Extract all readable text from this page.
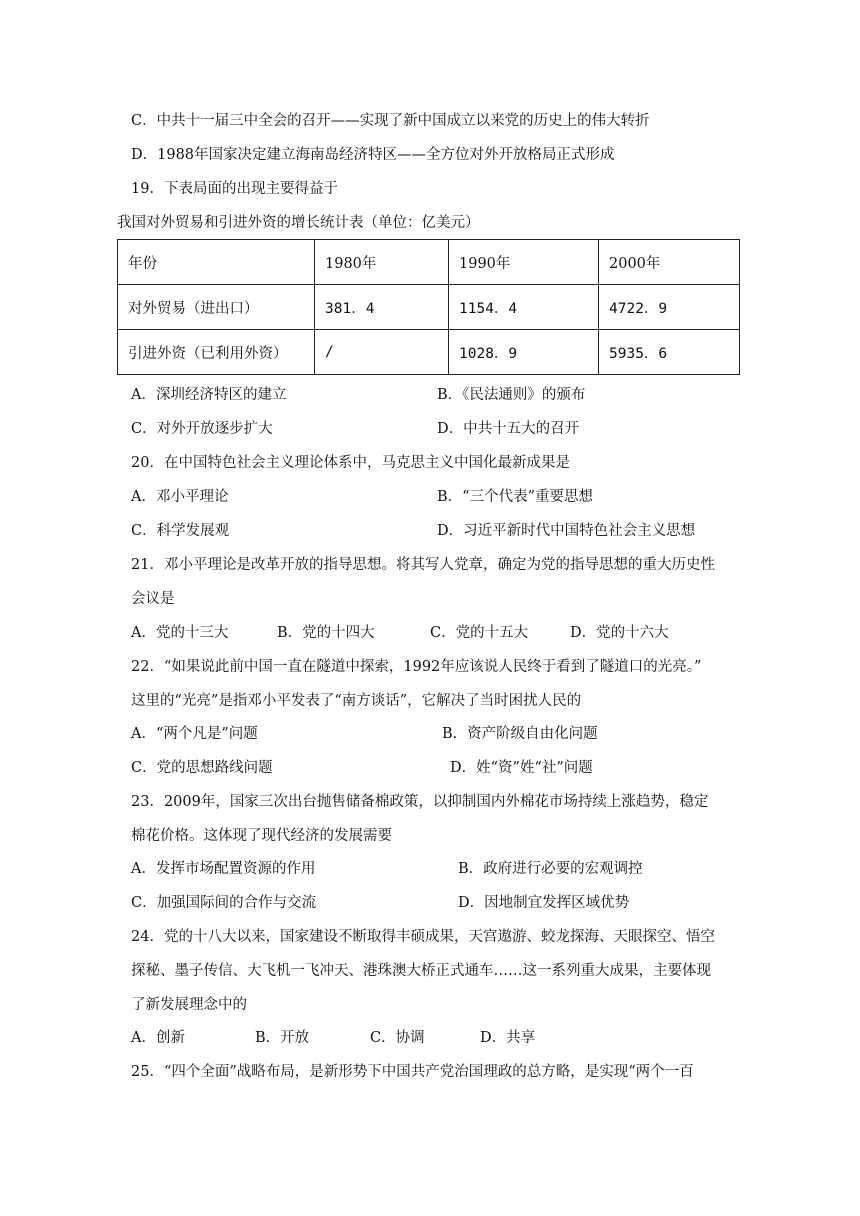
C．中共十一届三中全会的召开——实现了新中国成立以来党的历史上的伟大转折
D．1988年国家决定建立海南岛经济特区——全方位对外开放格局正式形成
19．下表局面的出现主要得益于
我国对外贸易和引进外资的增长统计表（单位：亿美元）
年份	1980年	1990年	2000年
对外贸易（进出口）	381．4	1154．4	4722．9
引进外资（已利用外资）	/	1028．9	5935．6
A．深圳经济特区的建立	B．《民法通则》的颁布
C．对外开放逐步扩大	D．中共十五大的召开
20．在中国特色社会主义理论体系中，马克思主义中国化最新成果是
A．邓小平理论	B．“三个代表”重要思想
C．科学发展观	D．习近平新时代中国特色社会主义思想
21．邓小平理论是改革开放的指导思想。将其写人党章，确定为党的指导思想的重大历史性
会议是
A．党的十三大	B．党的十四大	C．党的十五大	D．党的十六大
22．“如果说此前中国一直在隧道中探索，1992年应该说人民终于看到了隧道口的光亮。”
这里的“光亮”是指邓小平发表了“南方谈话”，它解决了当时困扰人民的
A．“两个凡是”问题	B．资产阶级自由化问题
C．党的思想路线问题	D．姓“资”姓“社”问题
23．2009年，国家三次出台抛售储备棉政策，以抑制国内外棉花市场持续上涨趋势，稳定
棉花价格。这体现了现代经济的发展需要
A．发挥市场配置资源的作用	B．政府进行必要的宏观调控
C．加强国际间的合作与交流	D．因地制宜发挥区域优势
24．党的十八大以来，国家建设不断取得丰硕成果，天宫遨游、蛟龙探海、天眼探空、悟空
探秘、墨子传信、大飞机一飞冲天、港珠澳大桥正式通车……这一系列重大成果，主要体现
了新发展理念中的
A．创新	B．开放	C．协调	D．共享
25．“四个全面”战略布局，是新形势下中国共产党治国理政的总方略，是实现“两个一百
